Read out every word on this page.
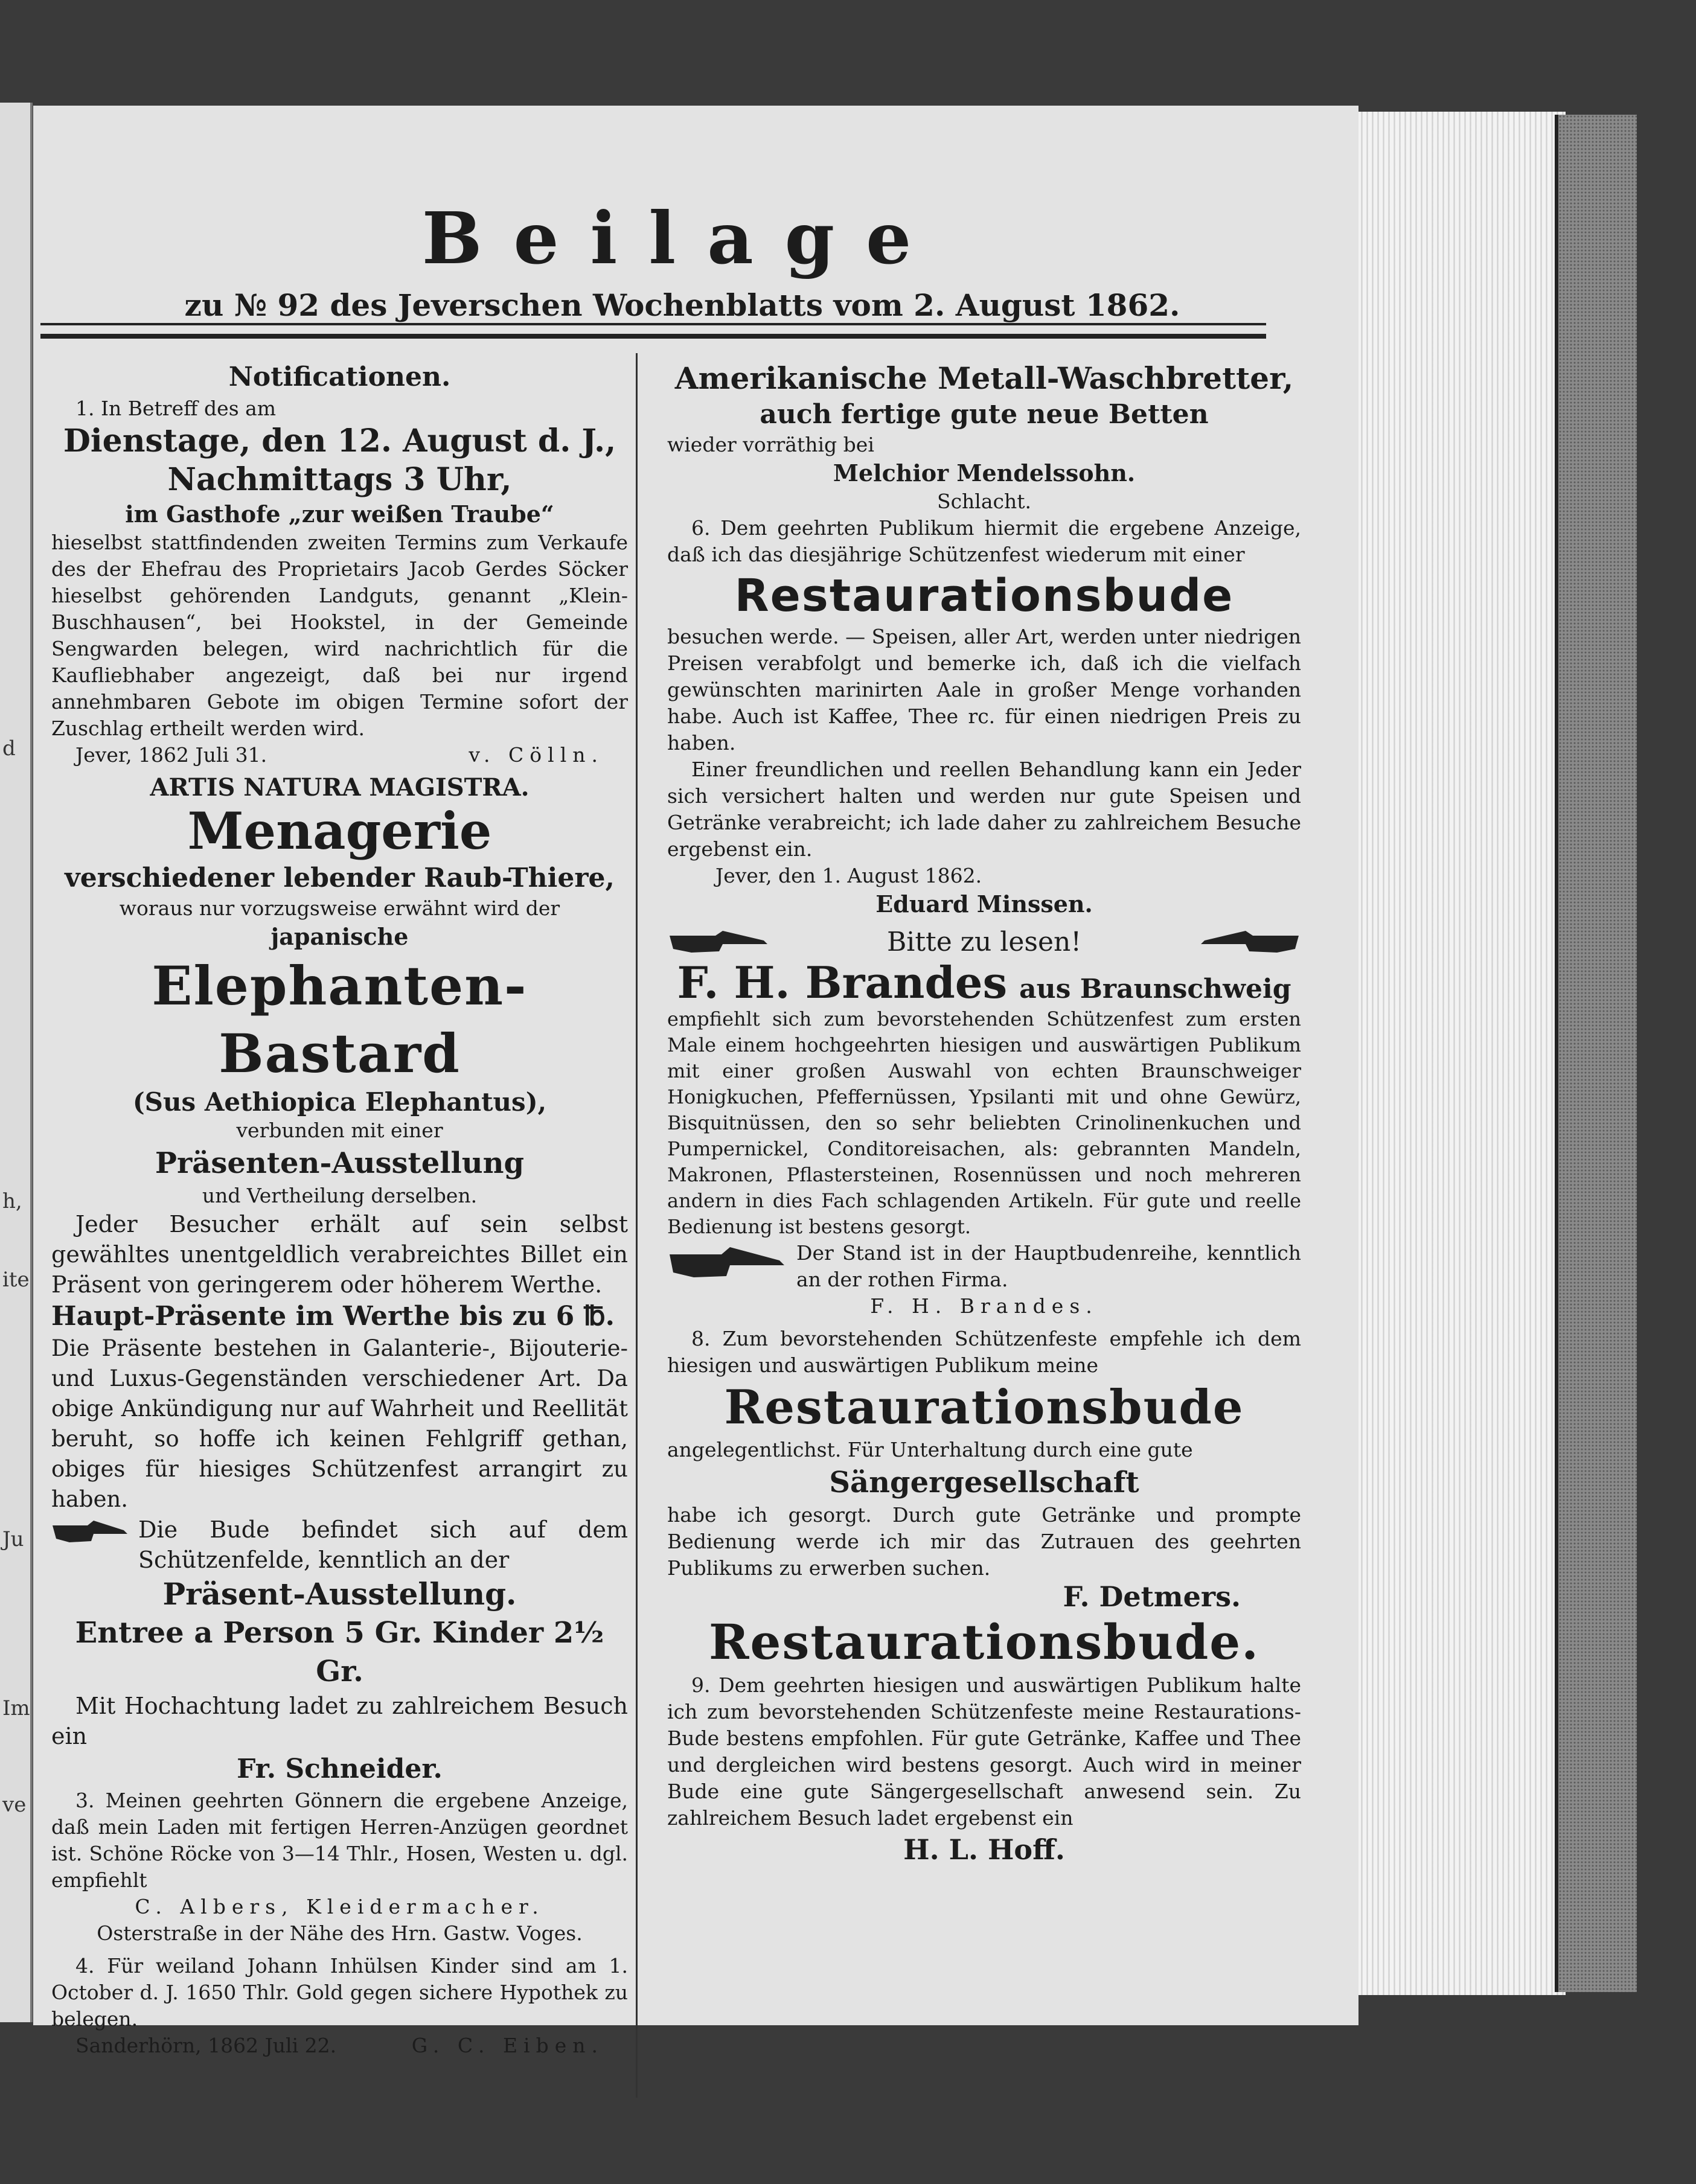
h,
ite
d
Im
ve
Ju
Beilage
zu № 92 des Jeverschen Wochenblatts vom 2. August 1862.

Notificationen.

1. In Betreff des am

Dienstage, den 12. August d. J.,

Nachmittags 3 Uhr,

im Gasthofe „zur weißen Traube“

hieselbst stattfindenden zweiten Termins zum Verkaufe des der Ehefrau des Proprietairs Jacob Gerdes Söcker hieselbst gehörenden Landguts, genannt „Klein-Buschhausen“, bei Hookstel, in der Gemeinde Sengwarden belegen, wird nachrichtlich für die Kaufliebhaber angezeigt, daß bei nur irgend annehmbaren Gebote im obigen Termine sofort der Zuschlag ertheilt werden wird.

Jever, 1862 Juli 31.	v. Cölln.

ARTIS NATURA MAGISTRA.

Menagerie

verschiedener lebender Raub-Thiere,

woraus nur vorzugsweise erwähnt wird der

japanische

Elephanten-Bastard

(Sus Aethiopica Elephantus),

verbunden mit einer

Präsenten-Ausstellung

und Vertheilung derselben.

Jeder Besucher erhält auf sein selbst gewähltes unentgeldlich verabreichtes Billet ein Präsent von geringerem oder höherem Werthe.

Haupt-Präsente im Werthe bis zu 6 ℔.

Die Präsente bestehen in Galanterie-, Bijouterie- und Luxus-Gegenständen verschiedener Art. Da obige Ankündigung nur auf Wahrheit und Reellität beruht, so hoffe ich keinen Fehlgriff gethan, obiges für hiesiges Schützenfest arrangirt zu haben.

Die Bude befindet sich auf dem Schützenfelde, kenntlich an der

Präsent-Ausstellung.

Entree a Person 5 Gr. Kinder 2½ Gr.

Mit Hochachtung ladet zu zahlreichem Besuch ein

Fr. Schneider.

3. Meinen geehrten Gönnern die ergebene Anzeige, daß mein Laden mit fertigen Herren-Anzügen geordnet ist. Schöne Röcke von 3—14 Thlr., Hosen, Westen u. dgl. empfiehlt

C. Albers, Kleidermacher.

Osterstraße in der Nähe des Hrn. Gastw. Voges.

4. Für weiland Johann Inhülsen Kinder sind am 1. October d. J. 1650 Thlr. Gold gegen sichere Hypothek zu belegen.

Sanderhörn, 1862 Juli 22.	G. C. Eiben.

Amerikanische Metall-Waschbretter,

auch fertige gute neue Betten

wieder vorräthig bei

Melchior Mendelssohn.

Schlacht.

6. Dem geehrten Publikum hiermit die ergebene Anzeige, daß ich das diesjährige Schützenfest wiederum mit einer

Restaurationsbude

besuchen werde. — Speisen, aller Art, werden unter niedrigen Preisen verabfolgt und bemerke ich, daß ich die vielfach gewünschten marinirten Aale in großer Menge vorhanden habe. Auch ist Kaffee, Thee rc. für einen niedrigen Preis zu haben.

Einer freundlichen und reellen Behandlung kann ein Jeder sich versichert halten und werden nur gute Speisen und Getränke verabreicht; ich lade daher zu zahlreichem Besuche ergebenst ein.

Jever, den 1. August 1862.

Eduard Minssen.

Bitte zu lesen!
F. H. Brandes aus Braunschweig

empfiehlt sich zum bevorstehenden Schützenfest zum ersten Male einem hochgeehrten hiesigen und auswärtigen Publikum mit einer großen Auswahl von echten Braunschweiger Honigkuchen, Pfeffernüssen, Ypsilanti mit und ohne Gewürz, Bisquitnüssen, den so sehr beliebten Crinolinenkuchen und Pumpernickel, Conditoreisachen, als: gebrannten Mandeln, Makronen, Pflastersteinen, Rosennüssen und noch mehreren andern in dies Fach schlagenden Artikeln. Für gute und reelle Bedienung ist bestens gesorgt.

Der Stand ist in der Hauptbudenreihe, kenntlich an der rothen Firma.

F. H. Brandes.

8. Zum bevorstehenden Schützenfeste empfehle ich dem hiesigen und auswärtigen Publikum meine

Restaurationsbude

angelegentlichst. Für Unterhaltung durch eine gute

Sängergesellschaft

habe ich gesorgt. Durch gute Getränke und prompte Bedienung werde ich mir das Zutrauen des geehrten Publikums zu erwerben suchen.

F. Detmers.

Restaurationsbude.

9. Dem geehrten hiesigen und auswärtigen Publikum halte ich zum bevorstehenden Schützenfeste meine Restaurations-Bude bestens empfohlen. Für gute Getränke, Kaffee und Thee und dergleichen wird bestens gesorgt. Auch wird in meiner Bude eine gute Sängergesellschaft anwesend sein. Zu zahlreichem Besuch ladet ergebenst ein

H. L. Hoff.
